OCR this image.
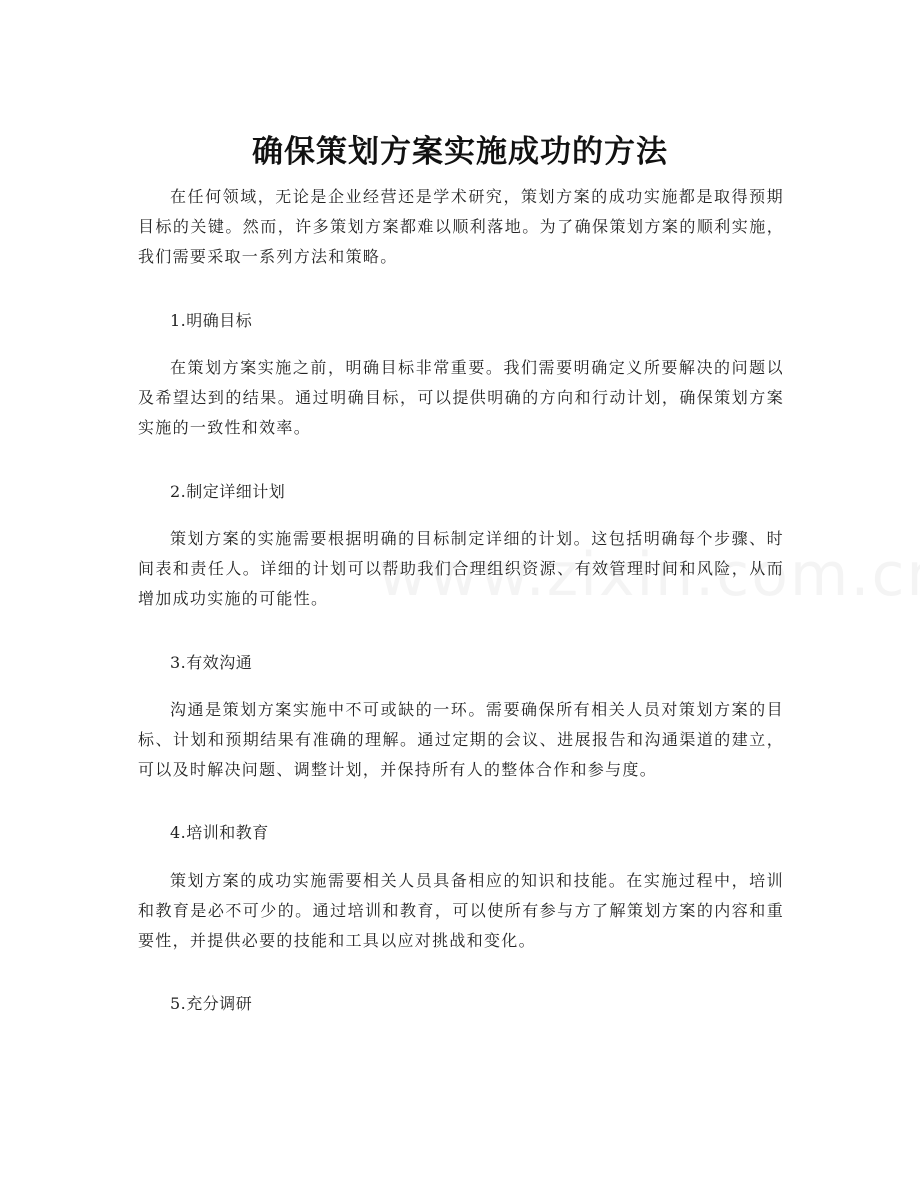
确保策划方案实施成功的方法

在任何领域，无论是企业经营还是学术研究，策划方案的成功实施都是取得预期目标的关键。然而，许多策划方案都难以顺利落地。为了确保策划方案的顺利实施，我们需要采取一系列方法和策略。

1.明确目标

在策划方案实施之前，明确目标非常重要。我们需要明确定义所要解决的问题以及希望达到的结果。通过明确目标，可以提供明确的方向和行动计划，确保策划方案实施的一致性和效率。

2.制定详细计划

策划方案的实施需要根据明确的目标制定详细的计划。这包括明确每个步骤、时间表和责任人。详细的计划可以帮助我们合理组织资源、有效管理时间和风险，从而增加成功实施的可能性。

3.有效沟通

沟通是策划方案实施中不可或缺的一环。需要确保所有相关人员对策划方案的目标、计划和预期结果有准确的理解。通过定期的会议、进展报告和沟通渠道的建立，可以及时解决问题、调整计划，并保持所有人的整体合作和参与度。

4.培训和教育

策划方案的成功实施需要相关人员具备相应的知识和技能。在实施过程中，培训和教育是必不可少的。通过培训和教育，可以使所有参与方了解策划方案的内容和重要性，并提供必要的技能和工具以应对挑战和变化。

5.充分调研
